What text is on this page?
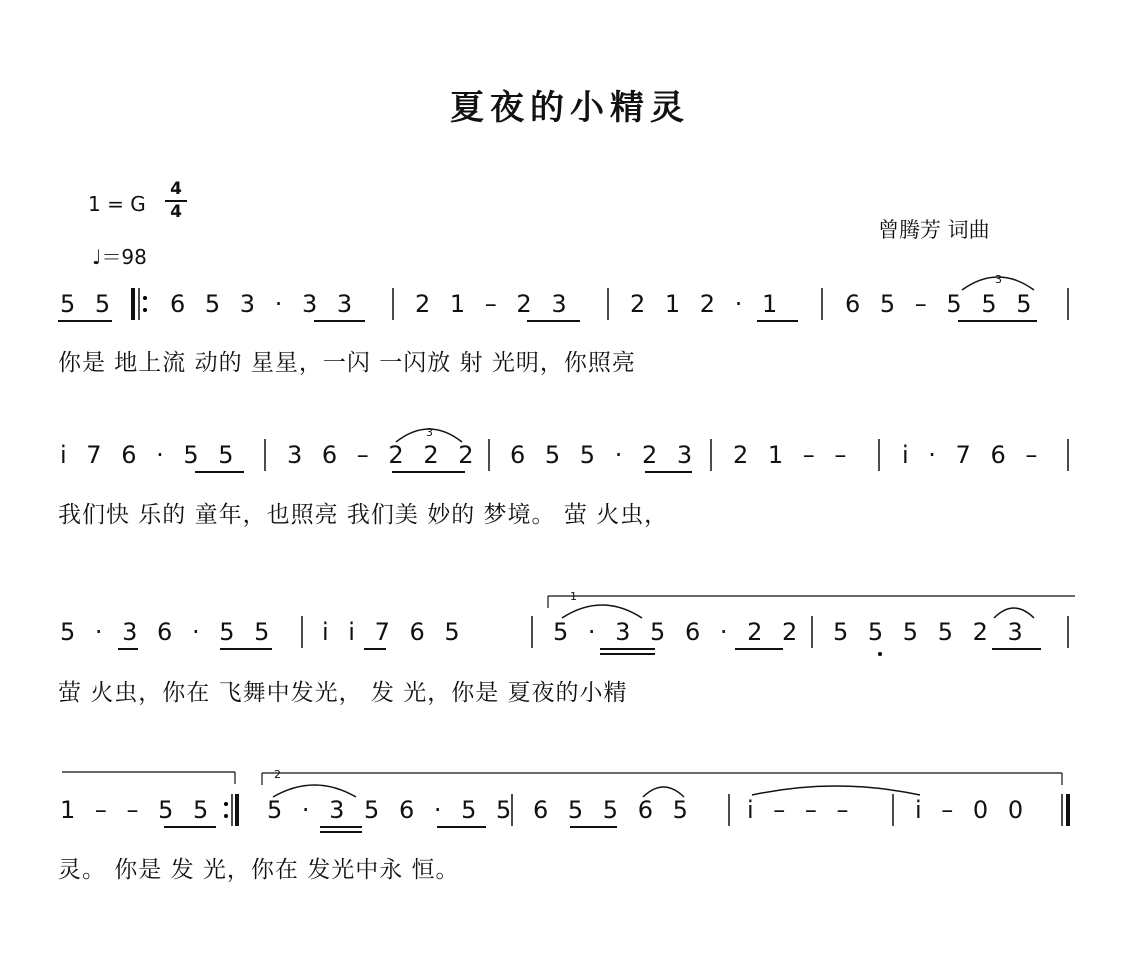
夏夜的小精灵
1 = G
4
4
♩＝98
曾腾芳 词曲
5 5 6 5 3 · 3 3 2 1 – 2 3 2 1 2 · 1	6 5 – 5 5 5
你是 地上流 动的 星星，一闪 一闪放 射 光明，你照亮
i 7 6 · 5 5 3 6 – 2 2 2 6 5 5 · 2 3 2 1 – – i · 7 6 –
我们快 乐的 童年，也照亮 我们美 妙的 梦境。 萤 火虫，
5 · 3 6 · 5 5 i i 7 6 5	5 · 3 5 6 · 2 2 5 5 5 5 2 3
萤 火虫，你在 飞舞中发光， 发 光，你是 夏夜的小精
1 – – 5 5 5 · 3 5 6 · 5 5 6 5 5 6 5 i – – –	i – 0 0
灵。 你是 发 光，你在 发光中永 恒。
3
3
1
2
